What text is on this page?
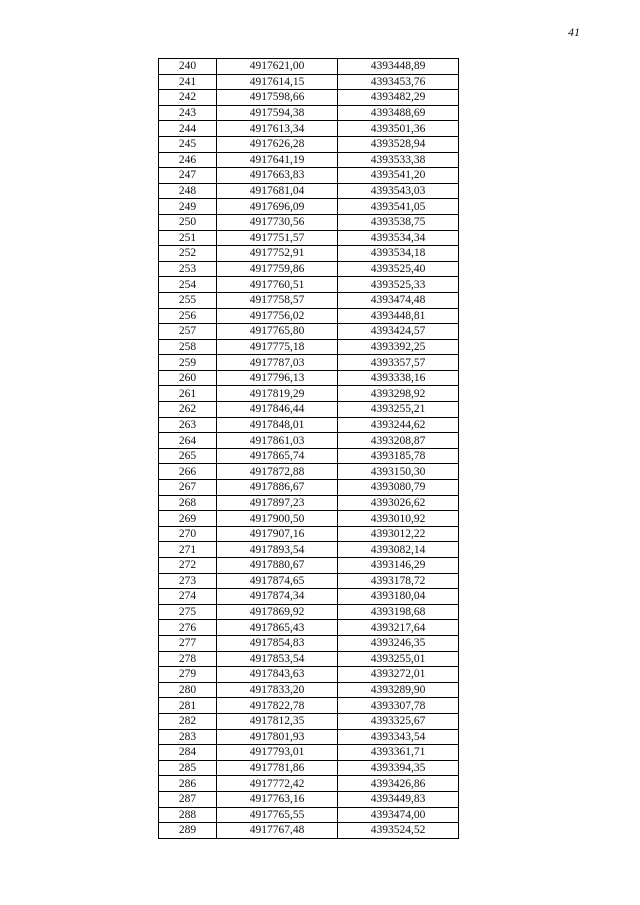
41
240	4917621,00	4393448,89
241	4917614,15	4393453,76
242	4917598,66	4393482,29
243	4917594,38	4393488,69
244	4917613,34	4393501,36
245	4917626,28	4393528,94
246	4917641,19	4393533,38
247	4917663,83	4393541,20
248	4917681,04	4393543,03
249	4917696,09	4393541,05
250	4917730,56	4393538,75
251	4917751,57	4393534,34
252	4917752,91	4393534,18
253	4917759,86	4393525,40
254	4917760,51	4393525,33
255	4917758,57	4393474,48
256	4917756,02	4393448,81
257	4917765,80	4393424,57
258	4917775,18	4393392,25
259	4917787,03	4393357,57
260	4917796,13	4393338,16
261	4917819,29	4393298,92
262	4917846,44	4393255,21
263	4917848,01	4393244,62
264	4917861,03	4393208,87
265	4917865,74	4393185,78
266	4917872,88	4393150,30
267	4917886,67	4393080,79
268	4917897,23	4393026,62
269	4917900,50	4393010,92
270	4917907,16	4393012,22
271	4917893,54	4393082,14
272	4917880,67	4393146,29
273	4917874,65	4393178,72
274	4917874,34	4393180,04
275	4917869,92	4393198,68
276	4917865,43	4393217,64
277	4917854,83	4393246,35
278	4917853,54	4393255,01
279	4917843,63	4393272,01
280	4917833,20	4393289,90
281	4917822,78	4393307,78
282	4917812,35	4393325,67
283	4917801,93	4393343,54
284	4917793,01	4393361,71
285	4917781,86	4393394,35
286	4917772,42	4393426,86
287	4917763,16	4393449,83
288	4917765,55	4393474,00
289	4917767,48	4393524,52
